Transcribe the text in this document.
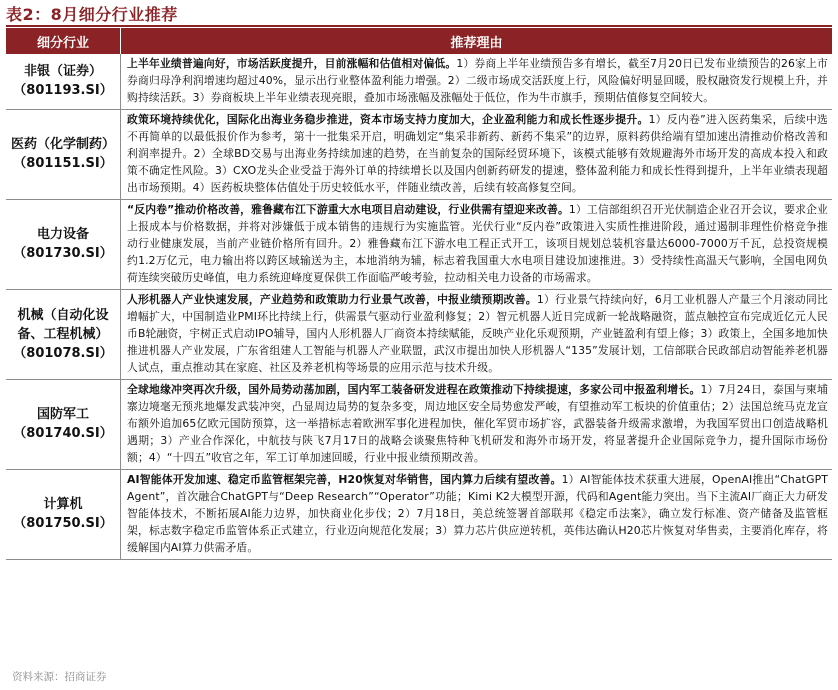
表2：8月细分行业推荐
细分行业	推荐理由

非银（证券）
（801193.SI）	上半年业绩普遍向好，市场活跃度提升，目前涨幅和估值相对偏低。1）券商上半年业绩预告多有增长，截至7月20日已发布业绩预告的26家上市券商归母净利润增速均超过40%，显示出行业整体盈利能力增强。2）二级市场成交活跃度上行，风险偏好明显回暖，股权融资发行规模上升，并购持续活跃。3）券商板块上半年业绩表现亮眼，叠加市场涨幅及涨幅处于低位，作为牛市旗手，预期估值修复空间较大。

医药（化学制药）
（801151.SI）	政策环境持续优化，国际化出海业务稳步推进，资本市场支持力度加大，企业盈利能力和成长性逐步提升。1）反内卷”进入医药集采，后续中选不再简单的以最低报价作为参考，第十一批集采开启，明确划定“集采非新药、新药不集采”的边界，原料药供给端有望加速出清推动价格改善和利润率提升。2）全球BD交易与出海业务持续加速的趋势，在当前复杂的国际经贸环境下，该模式能够有效规避海外市场开发的高成本投入和政策不确定性风险。3）CXO龙头企业受益于海外订单的持续增长以及国内创新药研发的提速，整体盈利能力和成长性得到提升，上半年业绩表现超出市场预期。4）医药板块整体估值处于历史较低水平，伴随业绩改善，后续有较高修复空间。

电力设备
（801730.SI）	“反内卷”推动价格改善，雅鲁藏布江下游重大水电项目启动建设，行业供需有望迎来改善。1）工信部组织召开光伏制造企业召开会议，要求企业上报成本与价格数据，并将对涉嫌低于成本销售的违规行为实施监管。光伏行业“反内卷”政策进入实质性推进阶段，通过遏制非理性价格竞争推动行业健康发展，当前产业链价格所有回升。2）雅鲁藏布江下游水电工程正式开工，该项目规划总装机容量达6000-7000万千瓦，总投资规模约1.2万亿元，电力输出将以跨区域输送为主，本地消纳为辅，标志着我国重大水电项目建设加速推进。3）受持续性高温天气影响，全国电网负荷连续突破历史峰值，电力系统迎峰度夏保供工作面临严峻考验，拉动相关电力设备的市场需求。

机械（自动化设备、工程机械）
（801078.SI）	人形机器人产业快速发展，产业趋势和政策助力行业景气改善，中报业绩预期改善。1）行业景气持续向好，6月工业机器人产量三个月滚动同比增幅扩大，中国制造业PMI环比持续上行，供需景气驱动行业盈利修复；2）智元机器人近日完成新一轮战略融资，蓝点触控宣布完成近亿元人民币B轮融资，宇树正式启动IPO辅导，国内人形机器人厂商资本持续赋能，反映产业化乐观预期，产业链盈利有望上修；3）政策上，全国多地加快推进机器人产业发展，广东省组建人工智能与机器人产业联盟，武汉市提出加快人形机器人“135”发展计划，工信部联合民政部启动智能养老机器人试点，重点推动其在家庭、社区及养老机构等场景的应用示范与技术升级。

国防军工
（801740.SI）	全球地缘冲突再次升级，国外局势动荡加剧，国内军工装备研发进程在政策推动下持续提速，多家公司中报盈利增长。1）7月24日，泰国与柬埔寨边境毫无预兆地爆发武装冲突，凸显周边局势的复杂多变，周边地区安全局势愈发严峻，有望推动军工板块的价值重估；2）法国总统马克龙宣布额外追加65亿欧元国防预算，这一举措标志着欧洲军事化进程加快，催化军贸市场扩容，武器装备升级需求激增，为我国军贸出口创造战略机遇期；3）产业合作深化，中航技与陕飞7月17日的战略会谈聚焦特种飞机研发和海外市场开发，将显著提升企业国际竞争力，提升国际市场份额；4）“十四五”收官之年，军工订单加速回暖，行业中报业绩预期改善。

计算机
（801750.SI）	AI智能体开发加速、稳定币监管框架完善，H20恢复对华销售，国内算力后续有望改善。1）AI智能体技术获重大进展，OpenAI推出“ChatGPT Agent”，首次融合ChatGPT与“Deep Research”“Operator”功能；Kimi K2大模型开源，代码和Agent能力突出。当下主流AI厂商正大力研发智能体技术，不断拓展AI能力边界，加快商业化步伐；2）7月18日，美总统签署首部联邦《稳定币法案》，确立发行标准、资产储备及监管框架，标志数字稳定币监管体系正式建立，行业迈向规范化发展；3）算力芯片供应逆转机，英伟达确认H20芯片恢复对华售卖，主要消化库存，将缓解国内AI算力供需矛盾。
资料来源：招商证券
